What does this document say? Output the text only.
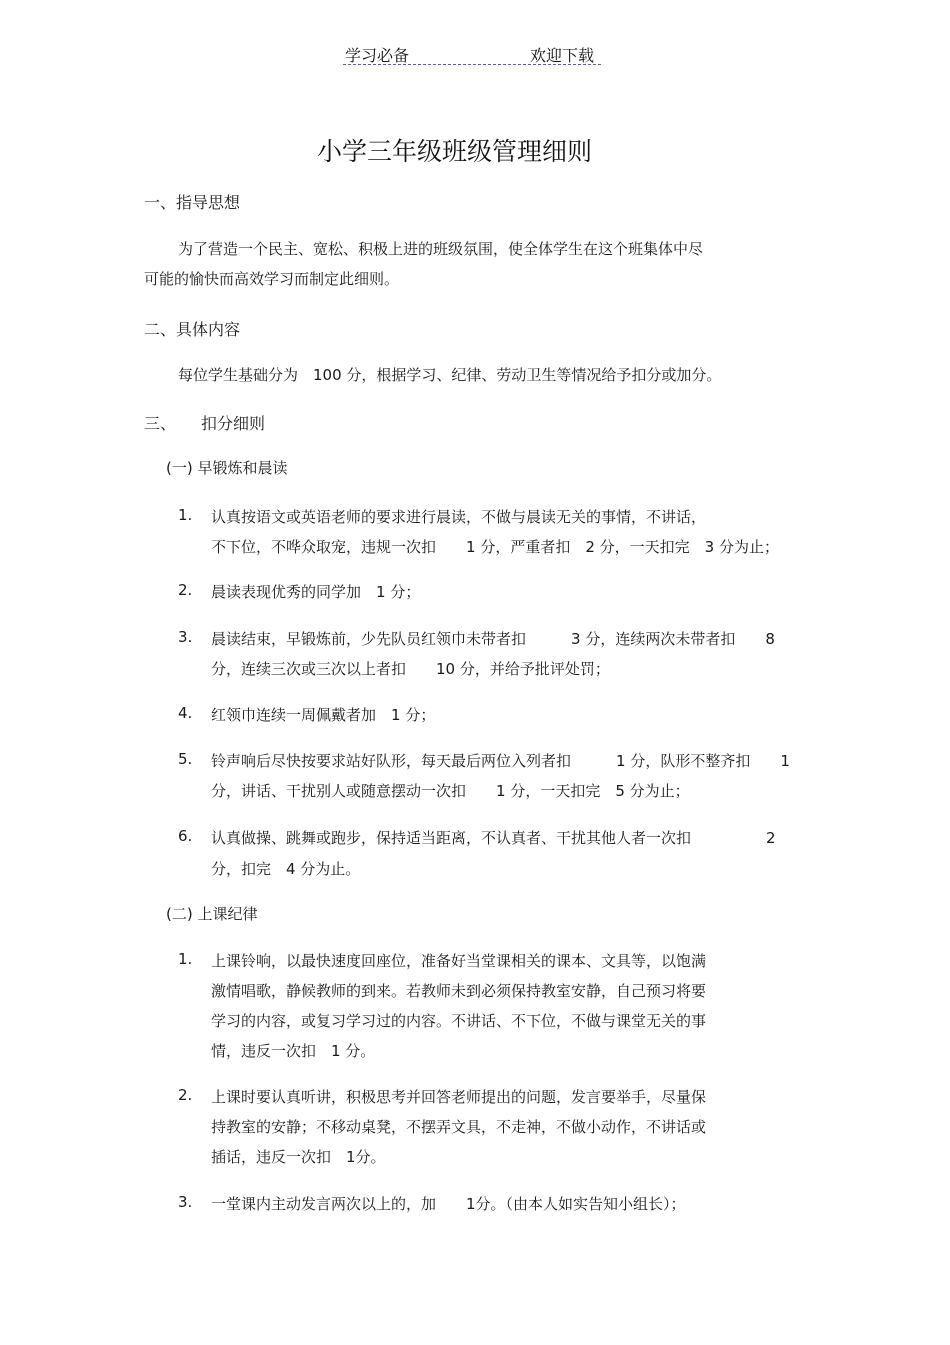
学习必备	欢迎下载
小学三年级班级管理细则
一、指导思想
为了营造一个民主、宽松、积极上进的班级氛围，使全体学生在这个班集体中尽
可能的愉快而高效学习而制定此细则。
二、具体内容
每位学生基础分为　100 分，根据学习、纪律、劳动卫生等情况给予扣分或加分。
三、 扣分细则
(一) 早锻炼和晨读
1. 认真按语文或英语老师的要求进行晨读，不做与晨读无关的事情，不讲话，
不下位，不哗众取宠，违规一次扣　　1 分，严重者扣　2 分，一天扣完　3 分为止；
2. 晨读表现优秀的同学加　1 分；
3. 晨读结束，早锻炼前，少先队员红领巾未带者扣　　　3 分，连续两次未带者扣　　8
分，连续三次或三次以上者扣　　10 分，并给予批评处罚；
4. 红领巾连续一周佩戴者加　1 分；
5. 铃声响后尽快按要求站好队形，每天最后两位入列者扣　　　1 分，队形不整齐扣　　1
分，讲话、干扰别人或随意摆动一次扣　　1 分，一天扣完　5 分为止；
6. 认真做操、跳舞或跑步，保持适当距离，不认真者、干扰其他人者一次扣　　　　　2
分，扣完　4 分为止。
(二) 上课纪律
1. 上课铃响，以最快速度回座位，准备好当堂课相关的课本、文具等，以饱满
激情唱歌，静候教师的到来。若教师未到必须保持教室安静，自己预习将要
学习的内容，或复习学习过的内容。不讲话、不下位，不做与课堂无关的事
情，违反一次扣　1 分。
2. 上课时要认真听讲，积极思考并回答老师提出的问题，发言要举手，尽量保
持教室的安静；不移动桌凳，不摆弄文具，不走神，不做小动作，不讲话或
插话，违反一次扣　1分。
3. 一堂课内主动发言两次以上的，加　　1分。（由本人如实告知小组长）；
